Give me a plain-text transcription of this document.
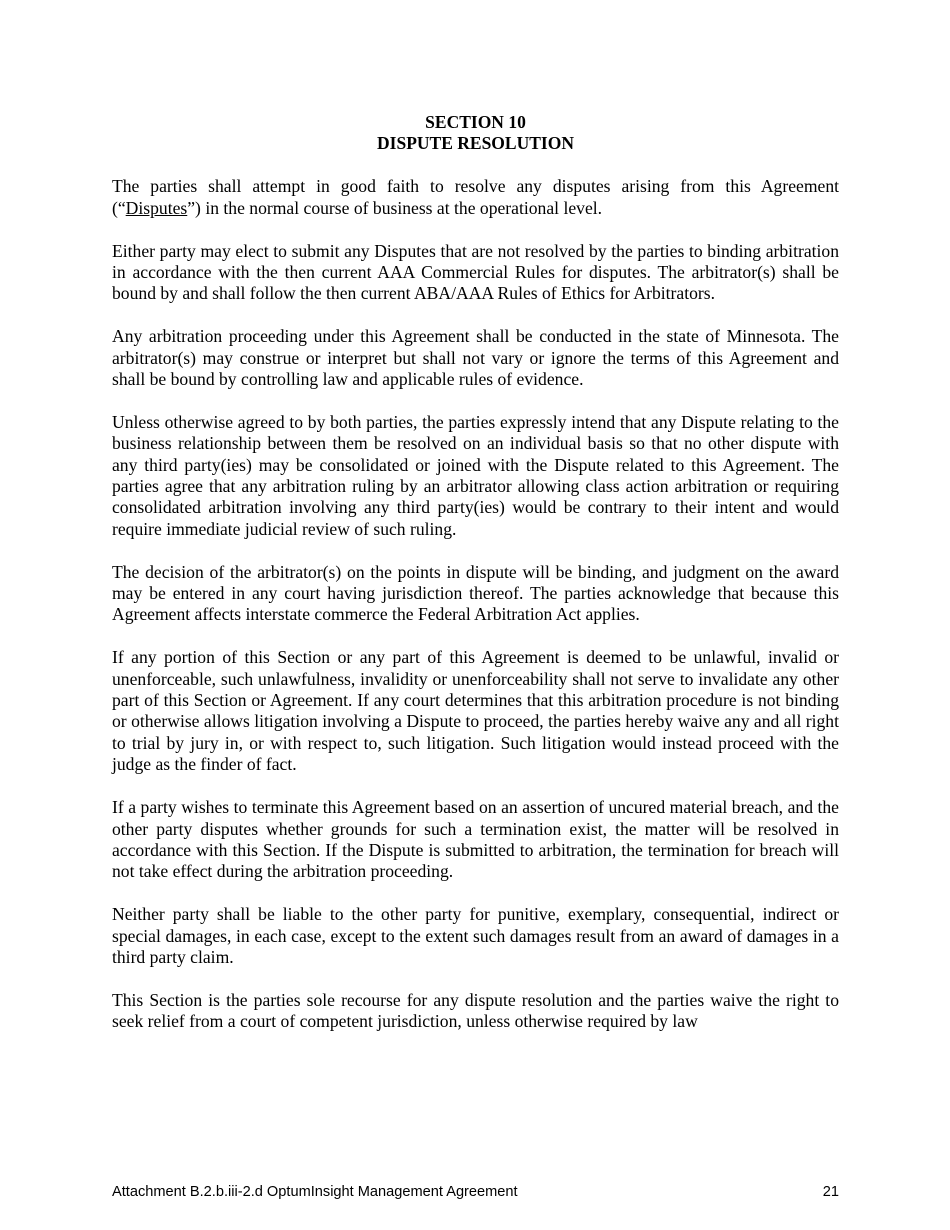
SECTION 10

DISPUTE RESOLUTION

The parties shall attempt in good faith to resolve any disputes arising from this Agreement (“Disputes”) in the normal course of business at the operational level.

Either party may elect to submit any Disputes that are not resolved by the parties to binding arbitration in accordance with the then current AAA Commercial Rules for disputes. The arbitrator(s) shall be bound by and shall follow the then current ABA/AAA Rules of Ethics for Arbitrators.

Any arbitration proceeding under this Agreement shall be conducted in the state of Minnesota. The arbitrator(s) may construe or interpret but shall not vary or ignore the terms of this Agreement and shall be bound by controlling law and applicable rules of evidence.

Unless otherwise agreed to by both parties, the parties expressly intend that any Dispute relating to the business relationship between them be resolved on an individual basis so that no other dispute with any third party(ies) may be consolidated or joined with the Dispute related to this Agreement. The parties agree that any arbitration ruling by an arbitrator allowing class action arbitration or requiring consolidated arbitration involving any third party(ies) would be contrary to their intent and would require immediate judicial review of such ruling.

The decision of the arbitrator(s) on the points in dispute will be binding, and judgment on the award may be entered in any court having jurisdiction thereof. The parties acknowledge that because this Agreement affects interstate commerce the Federal Arbitration Act applies.

If any portion of this Section or any part of this Agreement is deemed to be unlawful, invalid or unenforceable, such unlawfulness, invalidity or unenforceability shall not serve to invalidate any other part of this Section or Agreement. If any court determines that this arbitration procedure is not binding or otherwise allows litigation involving a Dispute to proceed, the parties hereby waive any and all right to trial by jury in, or with respect to, such litigation. Such litigation would instead proceed with the judge as the finder of fact.

If a party wishes to terminate this Agreement based on an assertion of uncured material breach, and the other party disputes whether grounds for such a termination exist, the matter will be resolved in accordance with this Section. If the Dispute is submitted to arbitration, the termination for breach will not take effect during the arbitration proceeding.

Neither party shall be liable to the other party for punitive, exemplary, consequential, indirect or special damages, in each case, except to the extent such damages result from an award of damages in a third party claim.

This Section is the parties sole recourse for any dispute resolution and the parties waive the right to seek relief from a court of competent jurisdiction, unless otherwise required by law

Attachment B.2.b.iii-2.d OptumInsight Management Agreement	21
